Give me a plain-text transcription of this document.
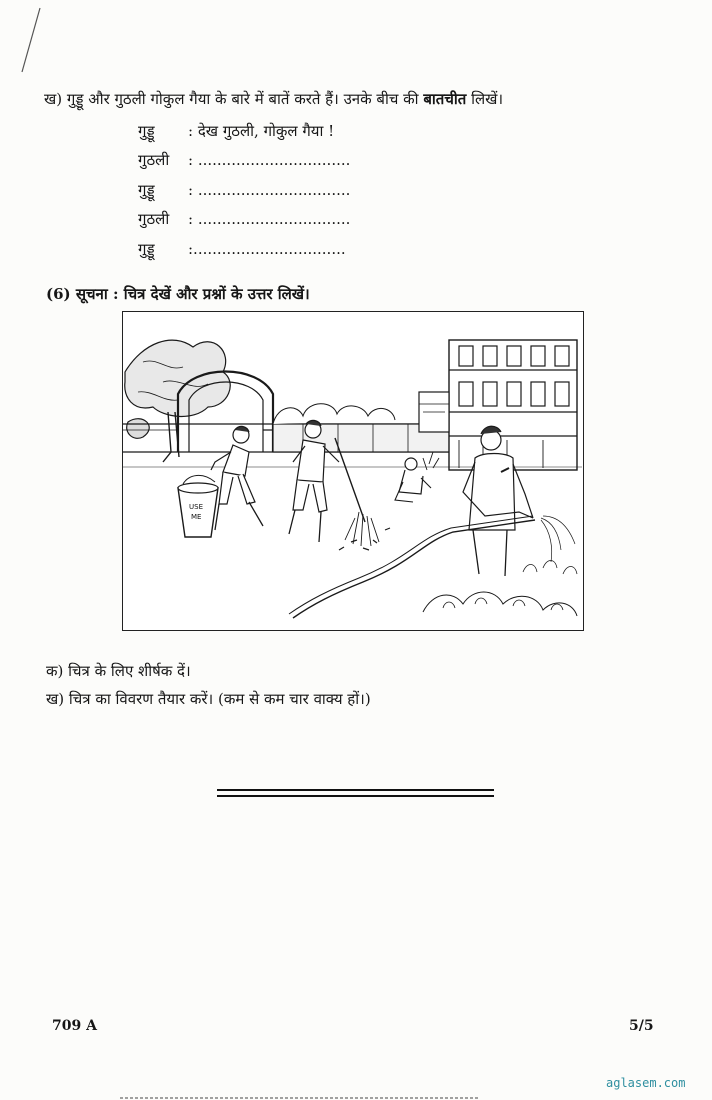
ख) गुड्डू और गुठली गोकुल गैया के बारे में बातें करते हैं। उनके बीच की बातचीत लिखें।
गुड्डू : देख गुठली, गोकुल गैया !
गुठली : ................................
गुड्डू : ................................
गुठली : ................................
गुड्डू :................................
(6) सूचना : चित्र देखें और प्रश्नों के उत्तर लिखें।
USE
ME
क) चित्र के लिए शीर्षक दें।
ख) चित्र का विवरण तैयार करें। (कम से कम चार वाक्य हों।)
709 A	5/5
aglasem.com
